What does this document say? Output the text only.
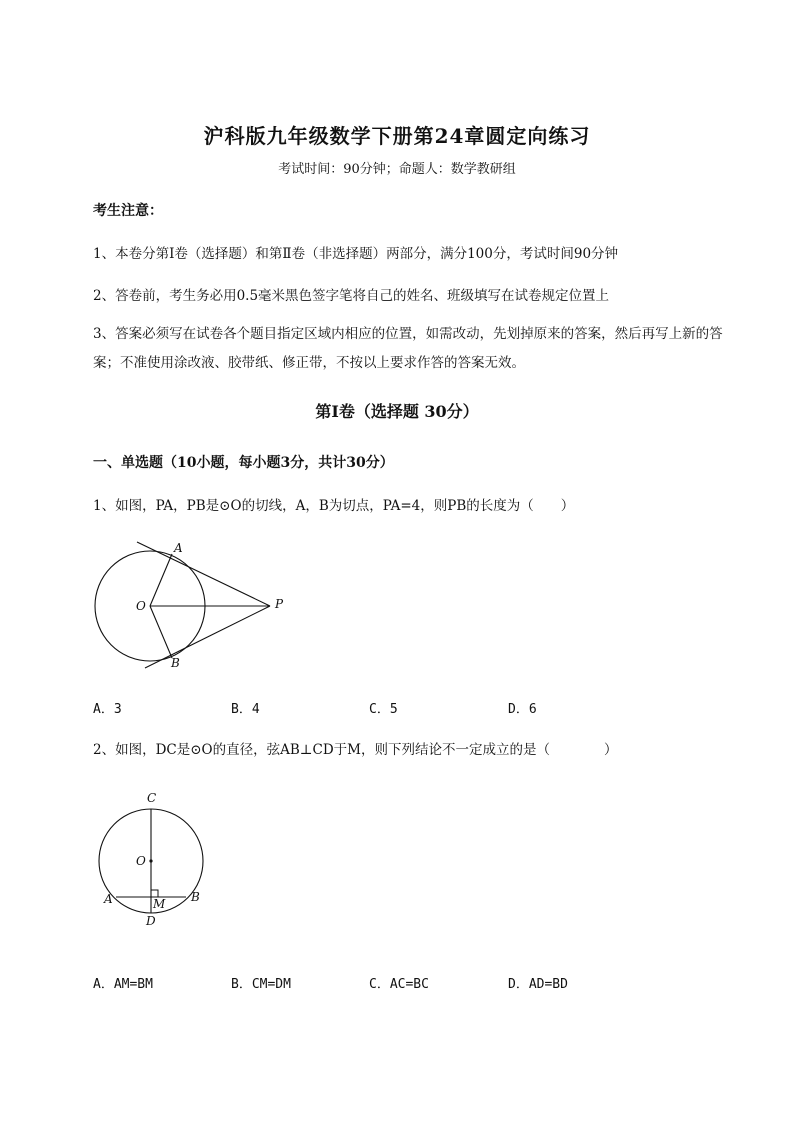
沪科版九年级数学下册第24章圆定向练习
考试时间：90分钟；命题人：数学教研组
考生注意：
1、本卷分第I卷（选择题）和第Ⅱ卷（非选择题）两部分，满分100分，考试时间90分钟
2、答卷前，考生务必用0.5毫米黑色签字笔将自己的姓名、班级填写在试卷规定位置上
3、答案必须写在试卷各个题目指定区域内相应的位置，如需改动，先划掉原来的答案，然后再写上新的答案；不准使用涂改液、胶带纸、修正带，不按以上要求作答的答案无效。
第I卷（选择题 30分）
一、单选题（10小题，每小题3分，共计30分）
1、如图，PA，PB是⊙O的切线，A，B为切点，PA=4，则PB的长度为（　　）
A
B
O	P
A．3	B．4	C．5	D．6
2、如图，DC是⊙O的直径，弦AB⊥CD于M，则下列结论不一定成立的是（　　　　）
C
O
A	B
M
D
A．AM=BM	B．CM=DM	C．AC=BC	D．AD=BD
